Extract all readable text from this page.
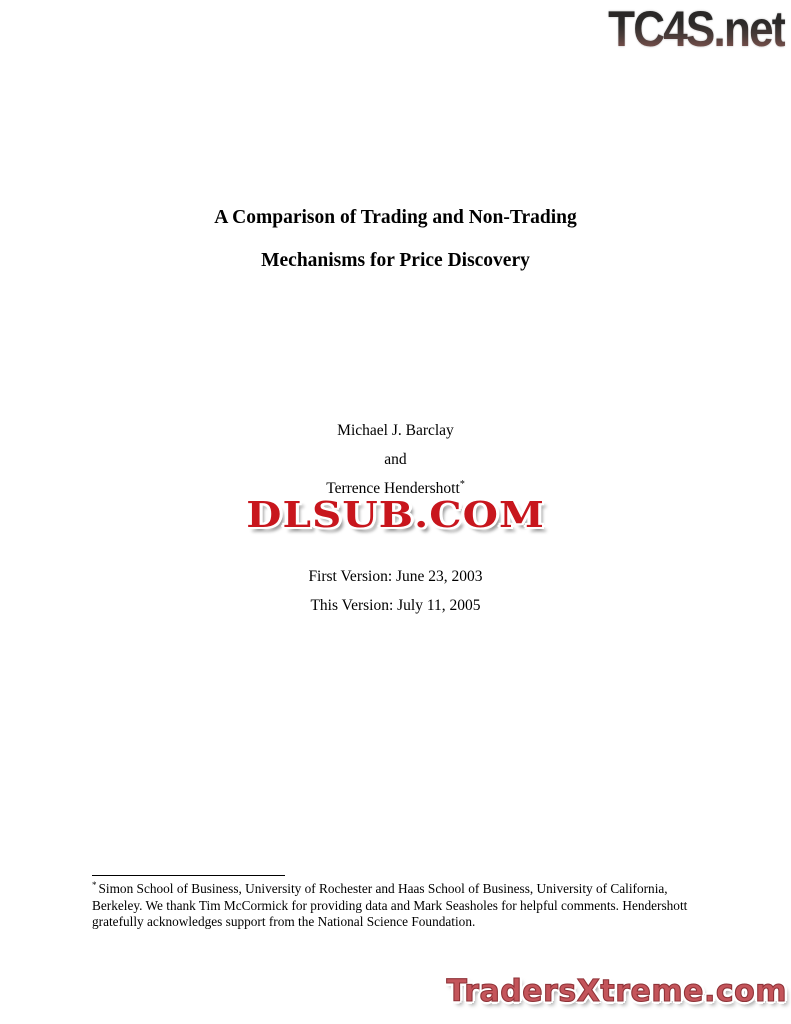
TC4S.net
A Comparison of Trading and Non-Trading
Mechanisms for Price Discovery
Michael J. Barclay
and
Terrence Hendershott*
DLSUB.COM
First Version: June 23, 2003
This Version: July 11, 2005
* Simon School of Business, University of Rochester and Haas School of Business, University of California, Berkeley. We thank Tim McCormick for providing data and Mark Seasholes for helpful comments. Hendershott gratefully acknowledges support from the National Science Foundation.
TradersXtreme.com
